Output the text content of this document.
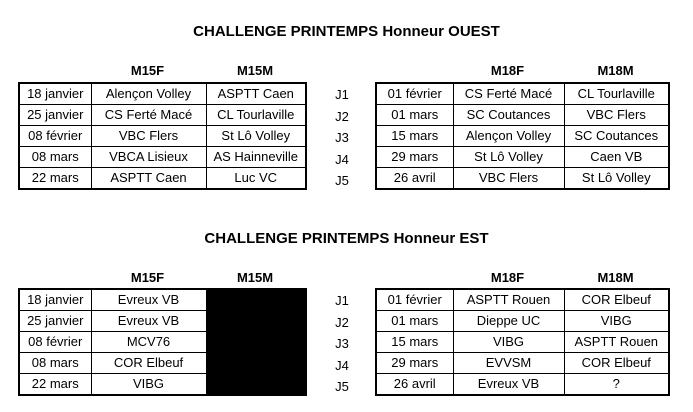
CHALLENGE PRINTEMPS Honneur OUEST
M15F	M15M	M18F	M18M
18 janvier	Alençon Volley	ASPTT Caen
25 janvier	CS Ferté Macé	CL Tourlaville
08 février	VBC Flers	St Lô Volley
08 mars	VBCA Lisieux	AS Hainneville
22 mars	ASPTT Caen	Luc VC
J1
J2
J3
J4
J5
01 février	CS Ferté Macé	CL Tourlaville
01 mars	SC Coutances	VBC Flers
15 mars	Alençon Volley	SC Coutances
29 mars	St Lô Volley	Caen VB
26 avril	VBC Flers	St Lô Volley
CHALLENGE PRINTEMPS Honneur EST
M15F	M15M	M18F	M18M
18 janvier	Evreux VB	
25 janvier	Evreux VB	
08 février	MCV76	
08 mars	COR Elbeuf	
22 mars	VIBG	
J1
J2
J3
J4
J5
01 février	ASPTT Rouen	COR Elbeuf
01 mars	Dieppe UC	VIBG
15 mars	VIBG	ASPTT Rouen
29 mars	EVVSM	COR Elbeuf
26 avril	Evreux VB	?
